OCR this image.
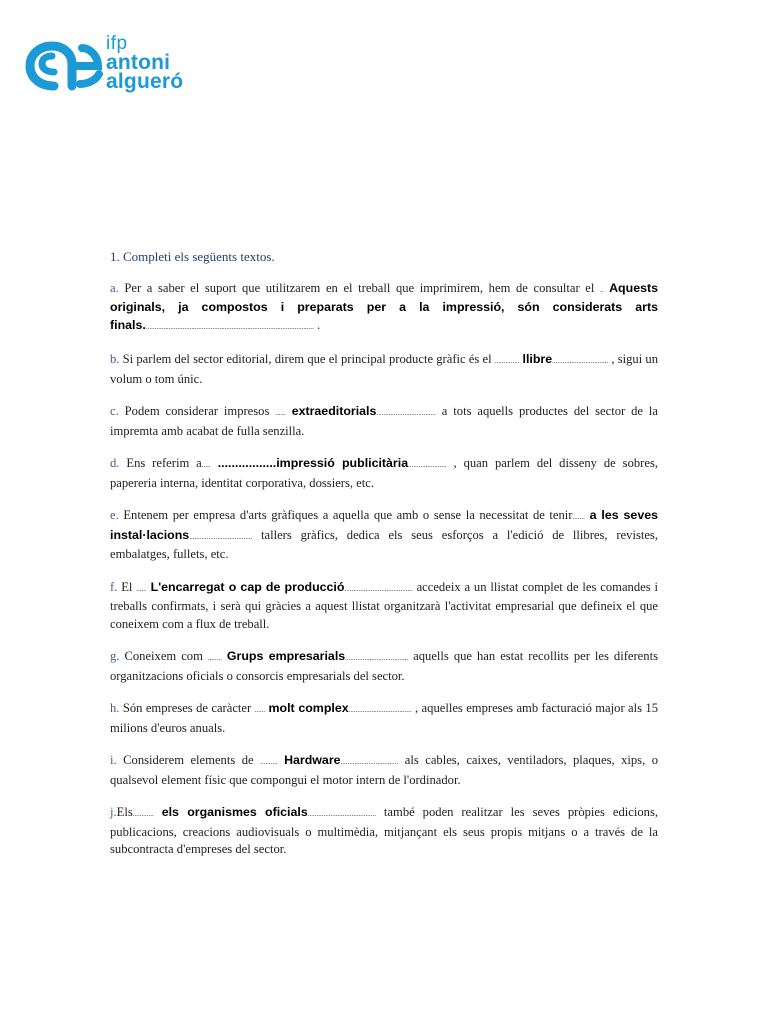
ifp
antoni
algueró
1. Completi els següents textos.
a. Per a saber el suport que utilitzarem en el treball que imprimirem, hem de consultar el .. Aquests originals, ja compostos i preparats per a la impressió, són considerats arts finals................................................................................................. .
b. Si parlem del sector editorial, direm que el principal producte gràfic és el .............. llibre................................ , sigui un volum o tom únic.
c. Podem considerar impresos ...... extraeditorials.................................. a tots aquells productes del sector de la impremta amb acabat de fulla senzilla.
d. Ens referim a..... .................impressió publicitària...................... , quan parlem del disseny de sobres, papereria interna, identitat corporativa, dossiers, etc.
e. Entenem per empresa d'arts gràfiques a aquella que amb o sense la necessitat de tenir....... a les seves instal·lacions.................................... tallers gràfics, dedica els seus esforços a l'edició de llibres, revistes, embalatges, fullets, etc.
f. El ...... L'encarregat o cap de producció....................................... accedeix a un llistat complet de les comandes i treballs confirmats, i serà qui gràcies a aquest llistat organitzarà l'activitat empresarial que defineix el que coneixem com a flux de treball.
g. Coneixem com ........ Grups empresarials.................................... aquells que han estat recollits per les diferents organitzacions oficials o consorcis empresarials del sector.
h. Són empreses de caràcter ...... molt complex.................................... , aquelles empreses amb facturació major als 15 milions d'euros anuals.
i. Considerem elements de .......... Hardware................................. als cables, caixes, ventiladors, plaques, xips, o qualsevol element físic que compongui el motor intern de l'ordinador.
j.Els............ els organismes oficials....................................... també poden realitzar les seves pròpies edicions, publicacions, creacions audiovisuals o multimèdia, mitjançant els seus propis mitjans o a través de la subcontracta d'empreses del sector.
